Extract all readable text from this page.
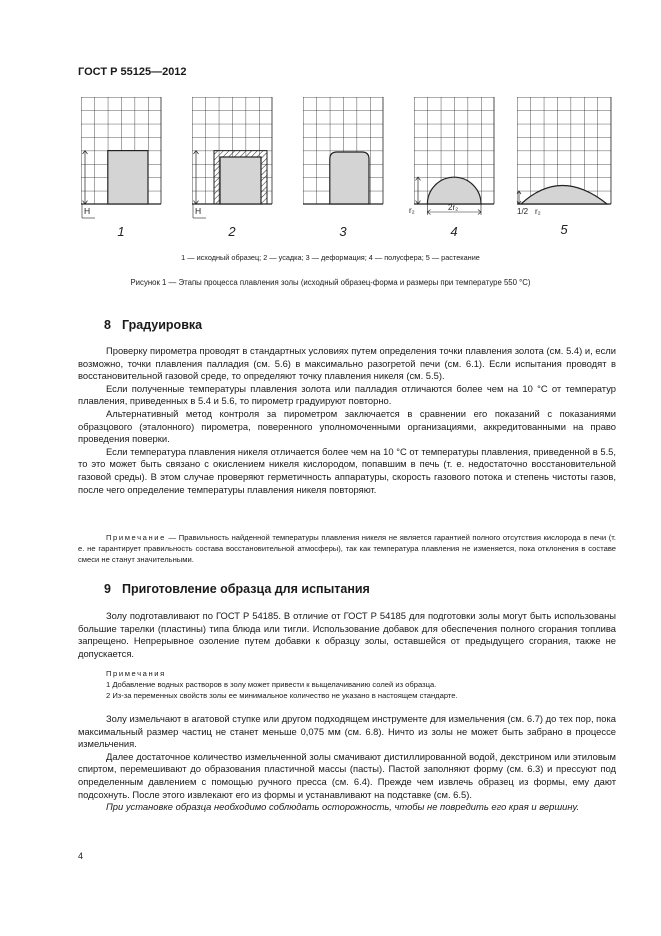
ГОСТ Р 55125—2012
H	H	r₂	2r₂	1/2 r₂
1	2	3	4	5
1 — исходный образец; 2 — усадка; 3 — деформация; 4 — полусфера; 5 — растекание
Рисунок 1 — Этапы процесса плавления золы (исходный образец-форма и размеры при температуре 550 °С)
8 Градуировка

Проверку пирометра проводят в стандартных условиях путем определения точки плавления золота (см. 5.4) и, если возможно, точки плавления палладия (см. 5.6) в максимально разогретой печи (см. 6.1). Если испытания проводят в восстановительной газовой среде, то определяют точку плавления никеля (см. 5.5).

Если полученные температуры плавления золота или палладия отличаются более чем на 10 °С от температур плавления, приведенных в 5.4 и 5.6, то пирометр градуируют повторно.

Альтернативный метод контроля за пирометром заключается в сравнении его показаний с показаниями образцового (эталонного) пирометра, поверенного уполномоченными организациями, аккредитованными на право проведения поверки.

Если температура плавления никеля отличается более чем на 10 °С от температуры плавления, приведенной в 5.5, то это может быть связано с окислением никеля кислородом, попавшим в печь (т. е. недостаточно восстановительной газовой среды). В этом случае проверяют герметичность аппаратуры, скорость газового потока и степень чистоты газов, после чего определение температуры плавления никеля повторяют.

Примечание — Правильность найденной температуры плавления никеля не является гарантией полного отсутствия кислорода в печи (т. е. не гарантирует правильность состава восстановительной атмосферы), так как температура плавления не изменяется, пока отклонения в составе смеси не станут значительными.

9 Приготовление образца для испытания

Золу подготавливают по ГОСТ Р 54185. В отличие от ГОСТ Р 54185 для подготовки золы могут быть использованы большие тарелки (пластины) типа блюда или тигли. Использование добавок для обеспечения полного сгорания топлива запрещено. Непрерывное озоление путем добавки к образцу золы, оставшейся от предыдущего сгорания, также не допускается.

Примечания

1 Добавление водных растворов в золу может привести к выщелачиванию солей из образца.

2 Из-за переменных свойств золы ее минимальное количество не указано в настоящем стандарте.

Золу измельчают в агатовой ступке или другом подходящем инструменте для измельчения (см. 6.7) до тех пор, пока максимальный размер частиц не станет меньше 0,075 мм (см. 6.8). Ничто из золы не может быть забрано в процессе измельчения.

Далее достаточное количество измельченной золы смачивают дистиллированной водой, декстрином или этиловым спиртом, перемешивают до образования пластичной массы (пасты). Пастой заполняют форму (см. 6.3) и прессуют под определенным давлением с помощью ручного пресса (см. 6.4). Прежде чем извлечь образец из формы, ему дают подсохнуть. После этого извлекают его из формы и устанавливают на подставке (см. 6.5).

При установке образца необходимо соблюдать осторожность, чтобы не повредить его края и вершину.

4
